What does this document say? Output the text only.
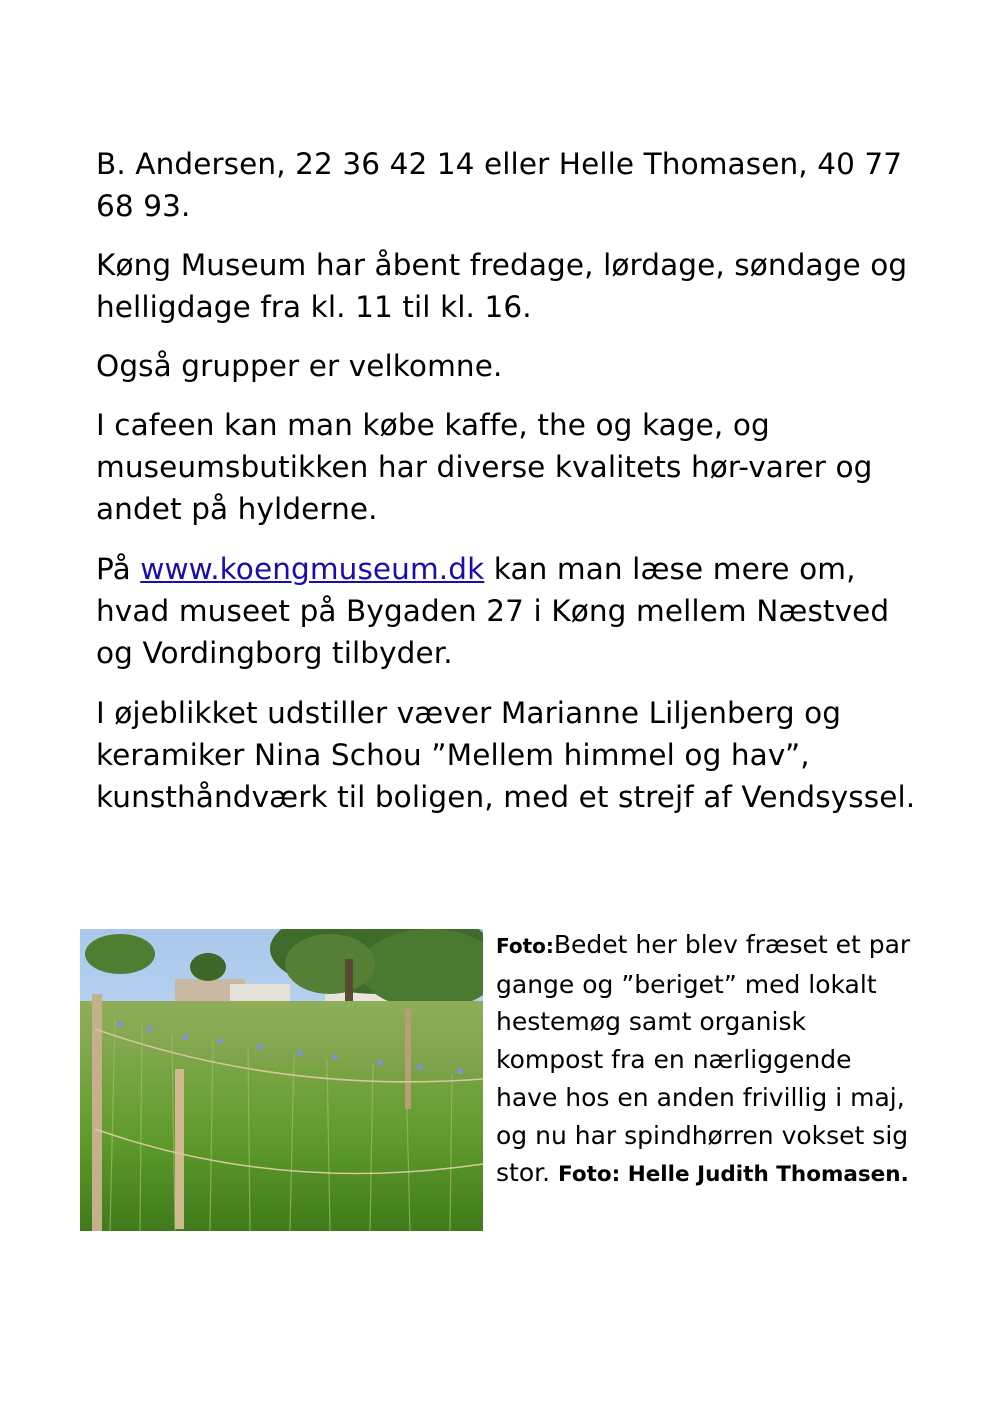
B. Andersen, 22 36 42 14 eller Helle Thomasen, 40 77 68 93.

Køng Museum har åbent fredage, lørdage, søndage og helligdage fra kl. 11 til kl. 16.

Også grupper er velkomne.

I cafeen kan man købe kaffe, the og kage, og museumsbutikken har diverse kvalitets hør-varer og andet på hylderne.

På www.koengmuseum.dk kan man læse mere om, hvad museet på Bygaden 27 i Køng mellem Næstved og Vordingborg tilbyder.

I øjeblikket udstiller væver Marianne Liljenberg og keramiker Nina Schou ”Mellem himmel og hav”, kunsthåndværk til boligen, med et strejf af Vendsyssel.

Foto:Bedet her blev fræset et par gange og ”beriget” med lokalt hestemøg samt organisk kompost fra en nærliggende have hos en anden frivillig i maj, og nu har spindhørren vokset sig stor. Foto: Helle Judith Thomasen.
